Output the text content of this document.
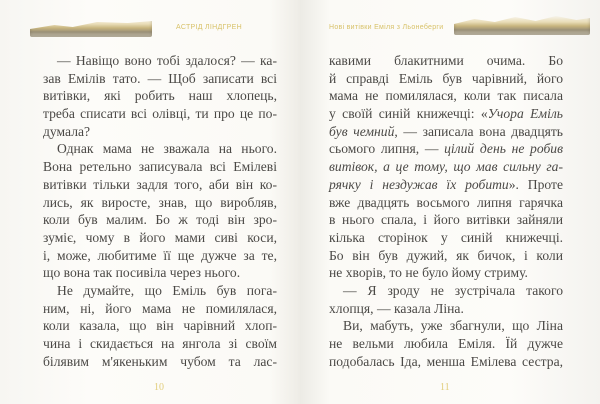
АСТРІД ЛІНДГРЕН
— Навіщо воно тобі здалося? — ка-
зав Емілів тато. — Щоб записати всі
витівки, які робить наш хлопець,
треба списати всі олівці, ти про це по-
думала?
Однак мама не зважала на нього.
Вона ретельно записувала всі Емілеві
витівки тільки задля того, аби він ко-
лись, як виросте, знав, що виробляв,
коли був малим. Бо ж тоді він зро-
зуміє, чому в його мами сиві коси,
і, може, любитиме її ще дужче за те,
що вона так посивіла через нього.
Не думайте, що Еміль був пога-
ним, ні, його мама не помилялася,
коли казала, що він чарівний хлоп-
чина і скидається на янгола зі своїм
білявим м'якеньким чубом та лас-
10
Нові витівки Еміля з Льонеберги
кавими блакитними очима. Бо
й справді Еміль був чарівний, його
мама не помилялася, коли так писала
у своїй синій книжечці: «Учора Еміль
був чемний, — записала вона двадцять
сьомого липня, — цілий день не робив
витівок, а це тому, що мав сильну га-
рячку і нездужав їх робити». Проте
вже двадцять восьмого липня гарячка
в нього спала, і його витівки зайняли
кілька сторінок у синій книжечці.
Бо він був дужий, як бичок, і коли
не хворів, то не було йому стриму.
— Я зроду не зустрічала такого
хлопця, — казала Ліна.
Ви, мабуть, уже збагнули, що Ліна
не вельми любила Еміля. Їй дужче
подобалась Іда, менша Емілева сестра,
11
